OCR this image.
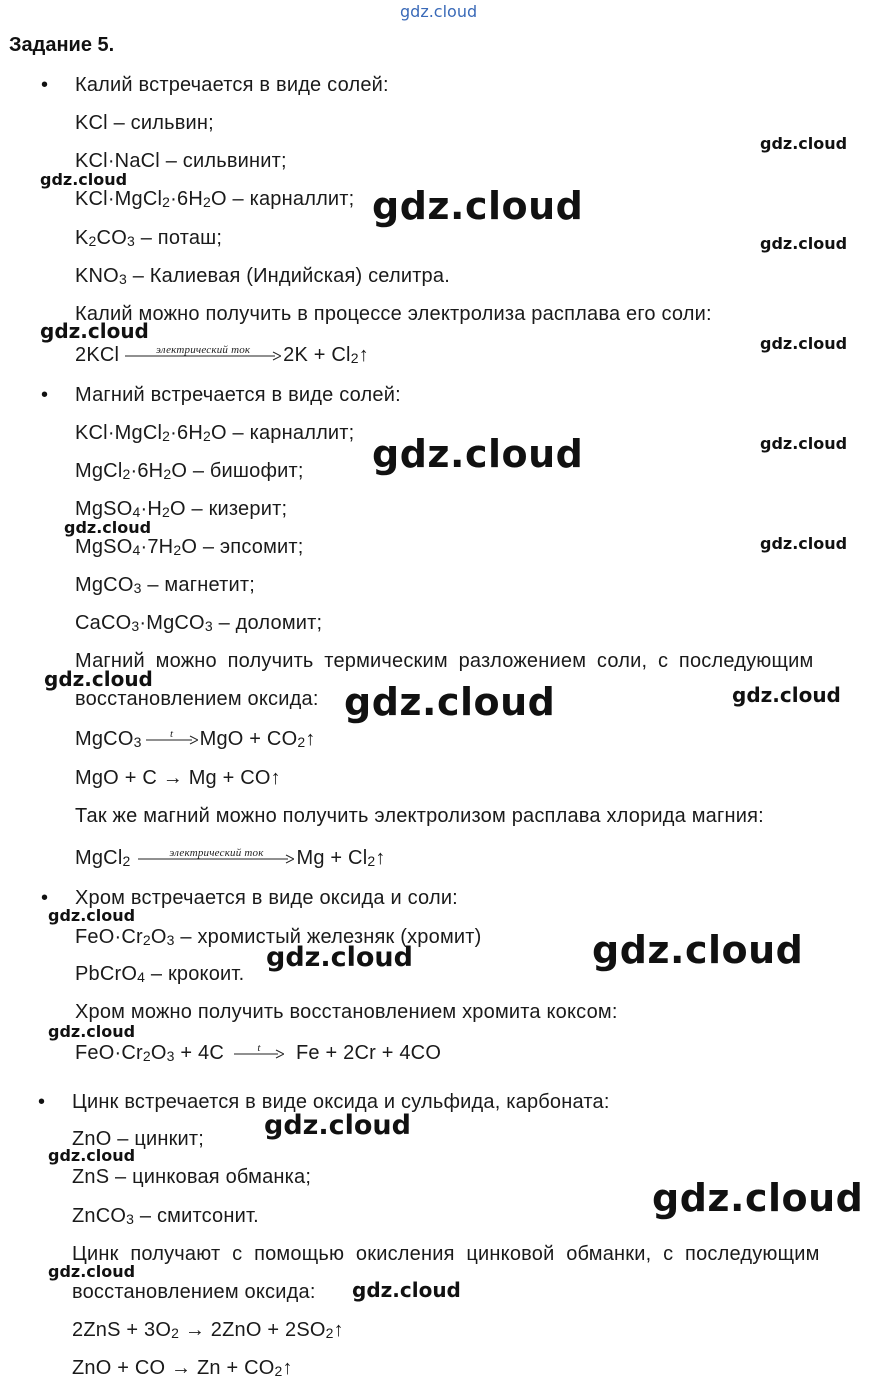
gdz.cloud
gdz.cloud
gdz.cloud
gdz.cloud
gdz.cloud
gdz.cloud
gdz.cloud
gdz.cloud
gdz.cloud
gdz.cloud
gdz.cloud
gdz.cloud
gdz.cloud
gdz.cloud
gdz.cloud
gdz.cloud
gdz.cloud
gdz.cloud
gdz.cloud
gdz.cloud
gdz.cloud
gdz.cloud
gdz.cloud
Задание 5.
• Калий встречается в виде солей:
KCl – сильвин;
KCl·NaCl – сильвинит;
$KCl\cdot MgCl_2\cdot 6H_2O$ – карналлит;
$K_2CO_3$ – поташ;
$KNO_3$ – Калиевая (Индийская) селитра.
Калий можно получить в процессе электролиза расплава его соли:
2KCl	электрический ток	$2K + Cl_2↑$
• Магний встречается в виде солей:
$KCl\cdot MgCl_2\cdot 6H_2O$ – карналлит;
$MgCl_2\cdot 6H_2O$ – бишофит;
$MgSO_4\cdot H_2O$ – кизерит;
$MgSO_4\cdot 7H_2O$ – эпсомит;
MgCO$_3$ – магнетит;
CaCO$_3$·MgCO$_3$ – доломит;
Магний можно получить термическим разложением соли, с последующим
восстановлением оксида:
MgCO$_3$
t	MgO + $CO_2↑$
MgO + C → Mg + CO↑
Так же магний можно получить электролизом расплава хлорида магния:
MgCl$_2$
электрический ток	$Mg + Cl_2↑$
• Хром встречается в виде оксида и соли:
$FeO\cdot Cr_2O_3$ – хромистый железняк (хромит)
PbCrO$_4$ – крокоит.
Хром можно получить восстановлением хромита коксом:
$FeO\cdot Cr_2O_3 + 4C$	t	Fe + 2Cr + 4CO
• Цинк встречается в виде оксида и сульфида, карбоната:
ZnO – цинкит;
ZnS – цинковая обманка;
ZnCO$_3$ – смитсонит.
Цинк получают с помощью окисления цинковой обманки, с последующим
восстановлением оксида:
$2ZnS + 3O_2 \to 2ZnO$ + $2SO_2↑$
ZnO + CO → $Zn + CO_2↑$
